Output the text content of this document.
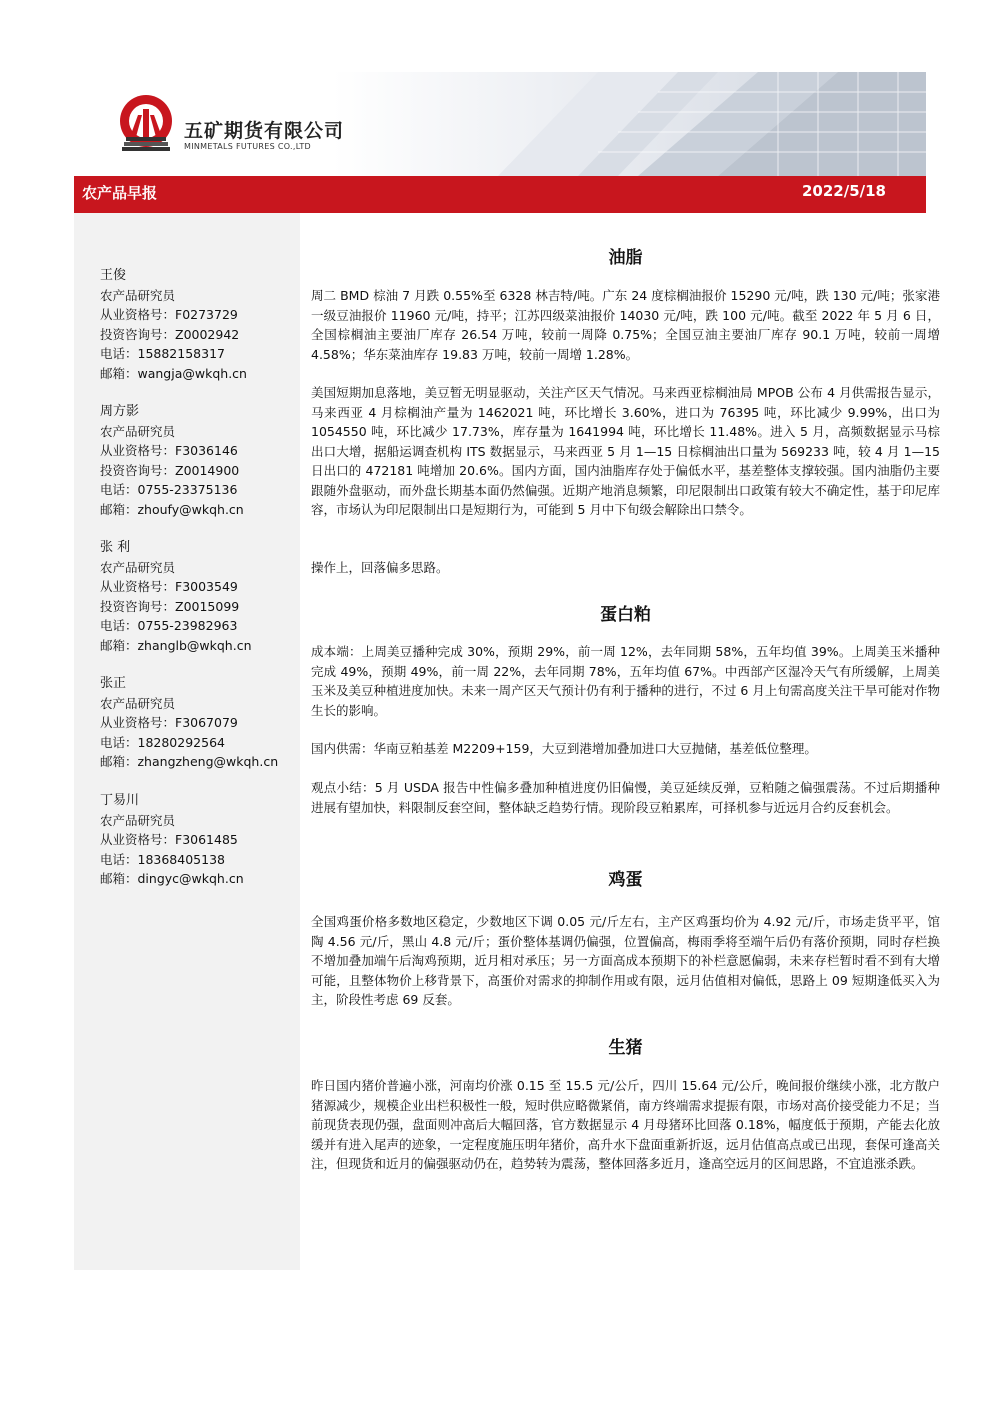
五矿期货有限公司
MINMETALS FUTURES CO.,LTD
农产品早报	2022/5/18
王俊
农产品研究员
从业资格号：F0273729
投资咨询号：Z0002942
电话：15882158317
邮箱：wangja@wkqh.cn
周方影
农产品研究员
从业资格号：F3036146
投资咨询号：Z0014900
电话：0755-23375136
邮箱：zhoufy@wkqh.cn
张 利
农产品研究员
从业资格号：F3003549
投资咨询号：Z0015099
电话：0755-23982963
邮箱：zhanglb@wkqh.cn
张正
农产品研究员
从业资格号：F3067079
电话：18280292564
邮箱：zhangzheng@wkqh.cn
丁易川
农产品研究员
从业资格号：F3061485
电话：18368405138
邮箱：dingyc@wkqh.cn
油脂
周二 BMD 棕油 7 月跌 0.55%至 6328 林吉特/吨。广东 24 度棕榈油报价 15290 元/吨，跌 130 元/吨；张家港一级豆油报价 11960 元/吨，持平；江苏四级菜油报价 14030 元/吨，跌 100 元/吨。截至 2022 年 5 月 6 日，全国棕榈油主要油厂库存 26.54 万吨，较前一周降 0.75%；全国豆油主要油厂库存 90.1 万吨，较前一周增 4.58%；华东菜油库存 19.83 万吨，较前一周增 1.28%。
美国短期加息落地，美豆暂无明显驱动，关注产区天气情况。马来西亚棕榈油局 MPOB 公布 4 月供需报告显示，马来西亚 4 月棕榈油产量为 1462021 吨，环比增长 3.60%，进口为 76395 吨，环比减少 9.99%，出口为 1054550 吨，环比减少 17.73%，库存量为 1641994 吨，环比增长 11.48%。进入 5 月，高频数据显示马棕出口大增，据船运调查机构 ITS 数据显示，马来西亚 5 月 1—15 日棕榈油出口量为 569233 吨，较 4 月 1—15 日出口的 472181 吨增加 20.6%。国内方面，国内油脂库存处于偏低水平，基差整体支撑较强。国内油脂仍主要跟随外盘驱动，而外盘长期基本面仍然偏强。近期产地消息频繁，印尼限制出口政策有较大不确定性，基于印尼库容，市场认为印尼限制出口是短期行为，可能到 5 月中下旬级会解除出口禁令。
操作上，回落偏多思路。
蛋白粕
成本端：上周美豆播种完成 30%，预期 29%，前一周 12%，去年同期 58%，五年均值 39%。上周美玉米播种完成 49%，预期 49%，前一周 22%，去年同期 78%，五年均值 67%。中西部产区湿冷天气有所缓解，上周美玉米及美豆种植进度加快。未来一周产区天气预计仍有利于播种的进行，不过 6 月上旬需高度关注干旱可能对作物生长的影响。
国内供需：华南豆粕基差 M2209+159，大豆到港增加叠加进口大豆抛储，基差低位整理。
观点小结：5 月 USDA 报告中性偏多叠加种植进度仍旧偏慢，美豆延续反弹，豆粕随之偏强震荡。不过后期播种进展有望加快，料限制反套空间，整体缺乏趋势行情。现阶段豆粕累库，可择机参与近远月合约反套机会。
鸡蛋
全国鸡蛋价格多数地区稳定，少数地区下调 0.05 元/斤左右，主产区鸡蛋均价为 4.92 元/斤，市场走货平平，馆陶 4.56 元/斤，黑山 4.8 元/斤；蛋价整体基调仍偏强，位置偏高，梅雨季将至端午后仍有落价预期，同时存栏换不增加叠加端午后淘鸡预期，近月相对承压；另一方面高成本预期下的补栏意愿偏弱，未来存栏暂时看不到有大增可能，且整体物价上移背景下，高蛋价对需求的抑制作用或有限，远月估值相对偏低，思路上 09 短期逢低买入为主，阶段性考虑 69 反套。
生猪
昨日国内猪价普遍小涨，河南均价涨 0.15 至 15.5 元/公斤，四川 15.64 元/公斤，晚间报价继续小涨，北方散户猪源减少，规模企业出栏积极性一般，短时供应略微紧俏，南方终端需求提振有限，市场对高价接受能力不足；当前现货表现仍强，盘面则冲高后大幅回落，官方数据显示 4 月母猪环比回落 0.18%，幅度低于预期，产能去化放缓并有进入尾声的迹象，一定程度施压明年猪价，高升水下盘面重新折返，远月估值高点或已出现，套保可逢高关注，但现货和近月的偏强驱动仍在，趋势转为震荡，整体回落多近月，逢高空远月的区间思路，不宜追涨杀跌。
